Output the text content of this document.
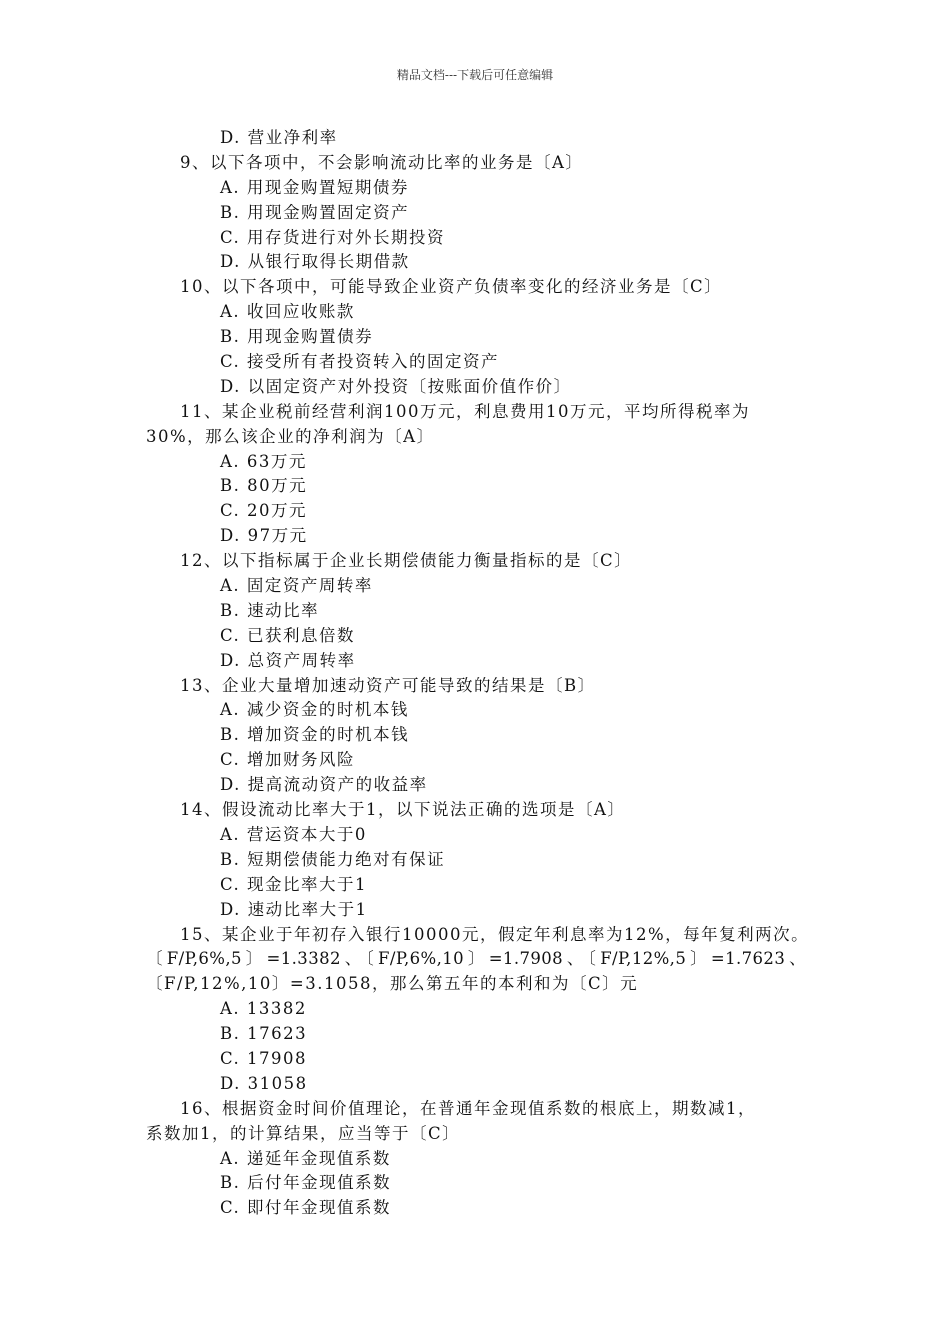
精品文档---下载后可任意编辑
D. 营业净利率
9、以下各项中，不会影响流动比率的业务是〔A〕
A. 用现金购置短期债券
B. 用现金购置固定资产
C. 用存货进行对外长期投资
D. 从银行取得长期借款
10、以下各项中，可能导致企业资产负债率变化的经济业务是〔C〕
A. 收回应收账款
B. 用现金购置债券
C. 接受所有者投资转入的固定资产
D. 以固定资产对外投资〔按账面价值作价〕
11、某企业税前经营利润100万元，利息费用10万元，平均所得税率为
30%，那么该企业的净利润为〔A〕
A. 63万元
B. 80万元
C. 20万元
D. 97万元
12、以下指标属于企业长期偿债能力衡量指标的是〔C〕
A. 固定资产周转率
B. 速动比率
C. 已获利息倍数
D. 总资产周转率
13、企业大量增加速动资产可能导致的结果是〔B〕
A. 减少资金的时机本钱
B. 增加资金的时机本钱
C. 增加财务风险
D. 提高流动资产的收益率
14、假设流动比率大于1，以下说法正确的选项是〔A〕
A. 营运资本大于0
B. 短期偿债能力绝对有保证
C. 现金比率大于1
D. 速动比率大于1
15、某企业于年初存入银行10000元，假定年利息率为12%，每年复利两次。
〔F/P,6%,5〕=1.3382、〔F/P,6%,10〕=1.7908、〔F/P,12%,5〕=1.7623、
〔F/P,12%,10〕=3.1058，那么第五年的本利和为〔C〕元
A. 13382
B. 17623
C. 17908
D. 31058
16、根据资金时间价值理论，在普通年金现值系数的根底上，期数减1，
系数加1，的计算结果，应当等于〔C〕
A. 递延年金现值系数
B. 后付年金现值系数
C. 即付年金现值系数
